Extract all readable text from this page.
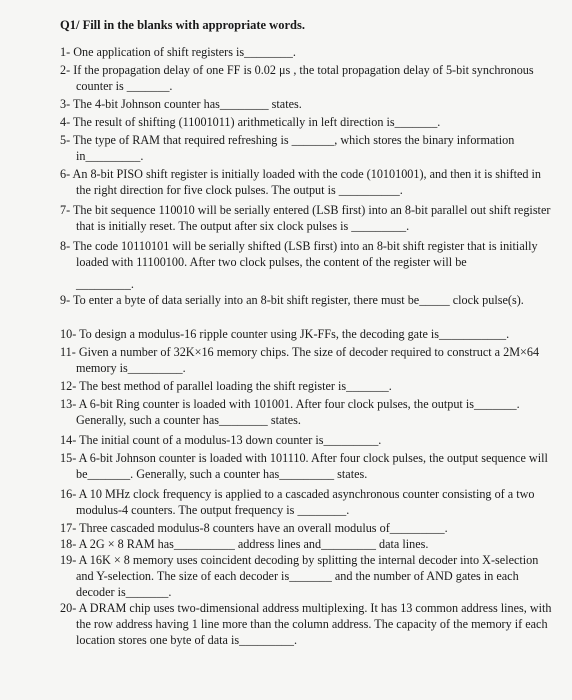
Q1/ Fill in the blanks with appropriate words.
1- One application of shift registers is________.
2- If the propagation delay of one FF is 0.02 μs , the total propagation delay of 5-bit synchronous counter is _______.
3- The 4-bit Johnson counter has________ states.
4- The result of shifting (11001011) arithmetically in left direction is_______.
5- The type of RAM that required refreshing is _______, which stores the binary information in_________.
6- An 8-bit PISO shift register is initially loaded with the code (10101001), and then it is shifted in the right direction for five clock pulses. The output is __________.
7- The bit sequence 110010 will be serially entered (LSB first) into an 8-bit parallel out shift register that is initially reset. The output after six clock pulses is _________.
8- The code 10110101 will be serially shifted (LSB first) into an 8-bit shift register that is initially loaded with 11100100. After two clock pulses, the content of the register will be
_________.
9- To enter a byte of data serially into an 8-bit shift register, there must be_____ clock pulse(s).
10- To design a modulus-16 ripple counter using JK-FFs, the decoding gate is___________.
11- Given a number of 32K×16 memory chips. The size of decoder required to construct a 2M×64 memory is_________.
12- The best method of parallel loading the shift register is_______.
13- A 6-bit Ring counter is loaded with 101001. After four clock pulses, the output is_______. Generally, such a counter has________ states.
14- The initial count of a modulus-13 down counter is_________.
15- A 6-bit Johnson counter is loaded with 101110. After four clock pulses, the output sequence will be_______. Generally, such a counter has_________ states.
16- A 10 MHz clock frequency is applied to a cascaded asynchronous counter consisting of a two modulus-4 counters. The output frequency is ________.
17- Three cascaded modulus-8 counters have an overall modulus of_________.
18- A 2G × 8 RAM has__________ address lines and_________ data lines.
19- A 16K × 8 memory uses coincident decoding by splitting the internal decoder into X-selection and Y-selection. The size of each decoder is_______ and the number of AND gates in each decoder is_______.
20- A DRAM chip uses two-dimensional address multiplexing. It has 13 common address lines, with the row address having 1 line more than the column address. The capacity of the memory if each location stores one byte of data is_________.
